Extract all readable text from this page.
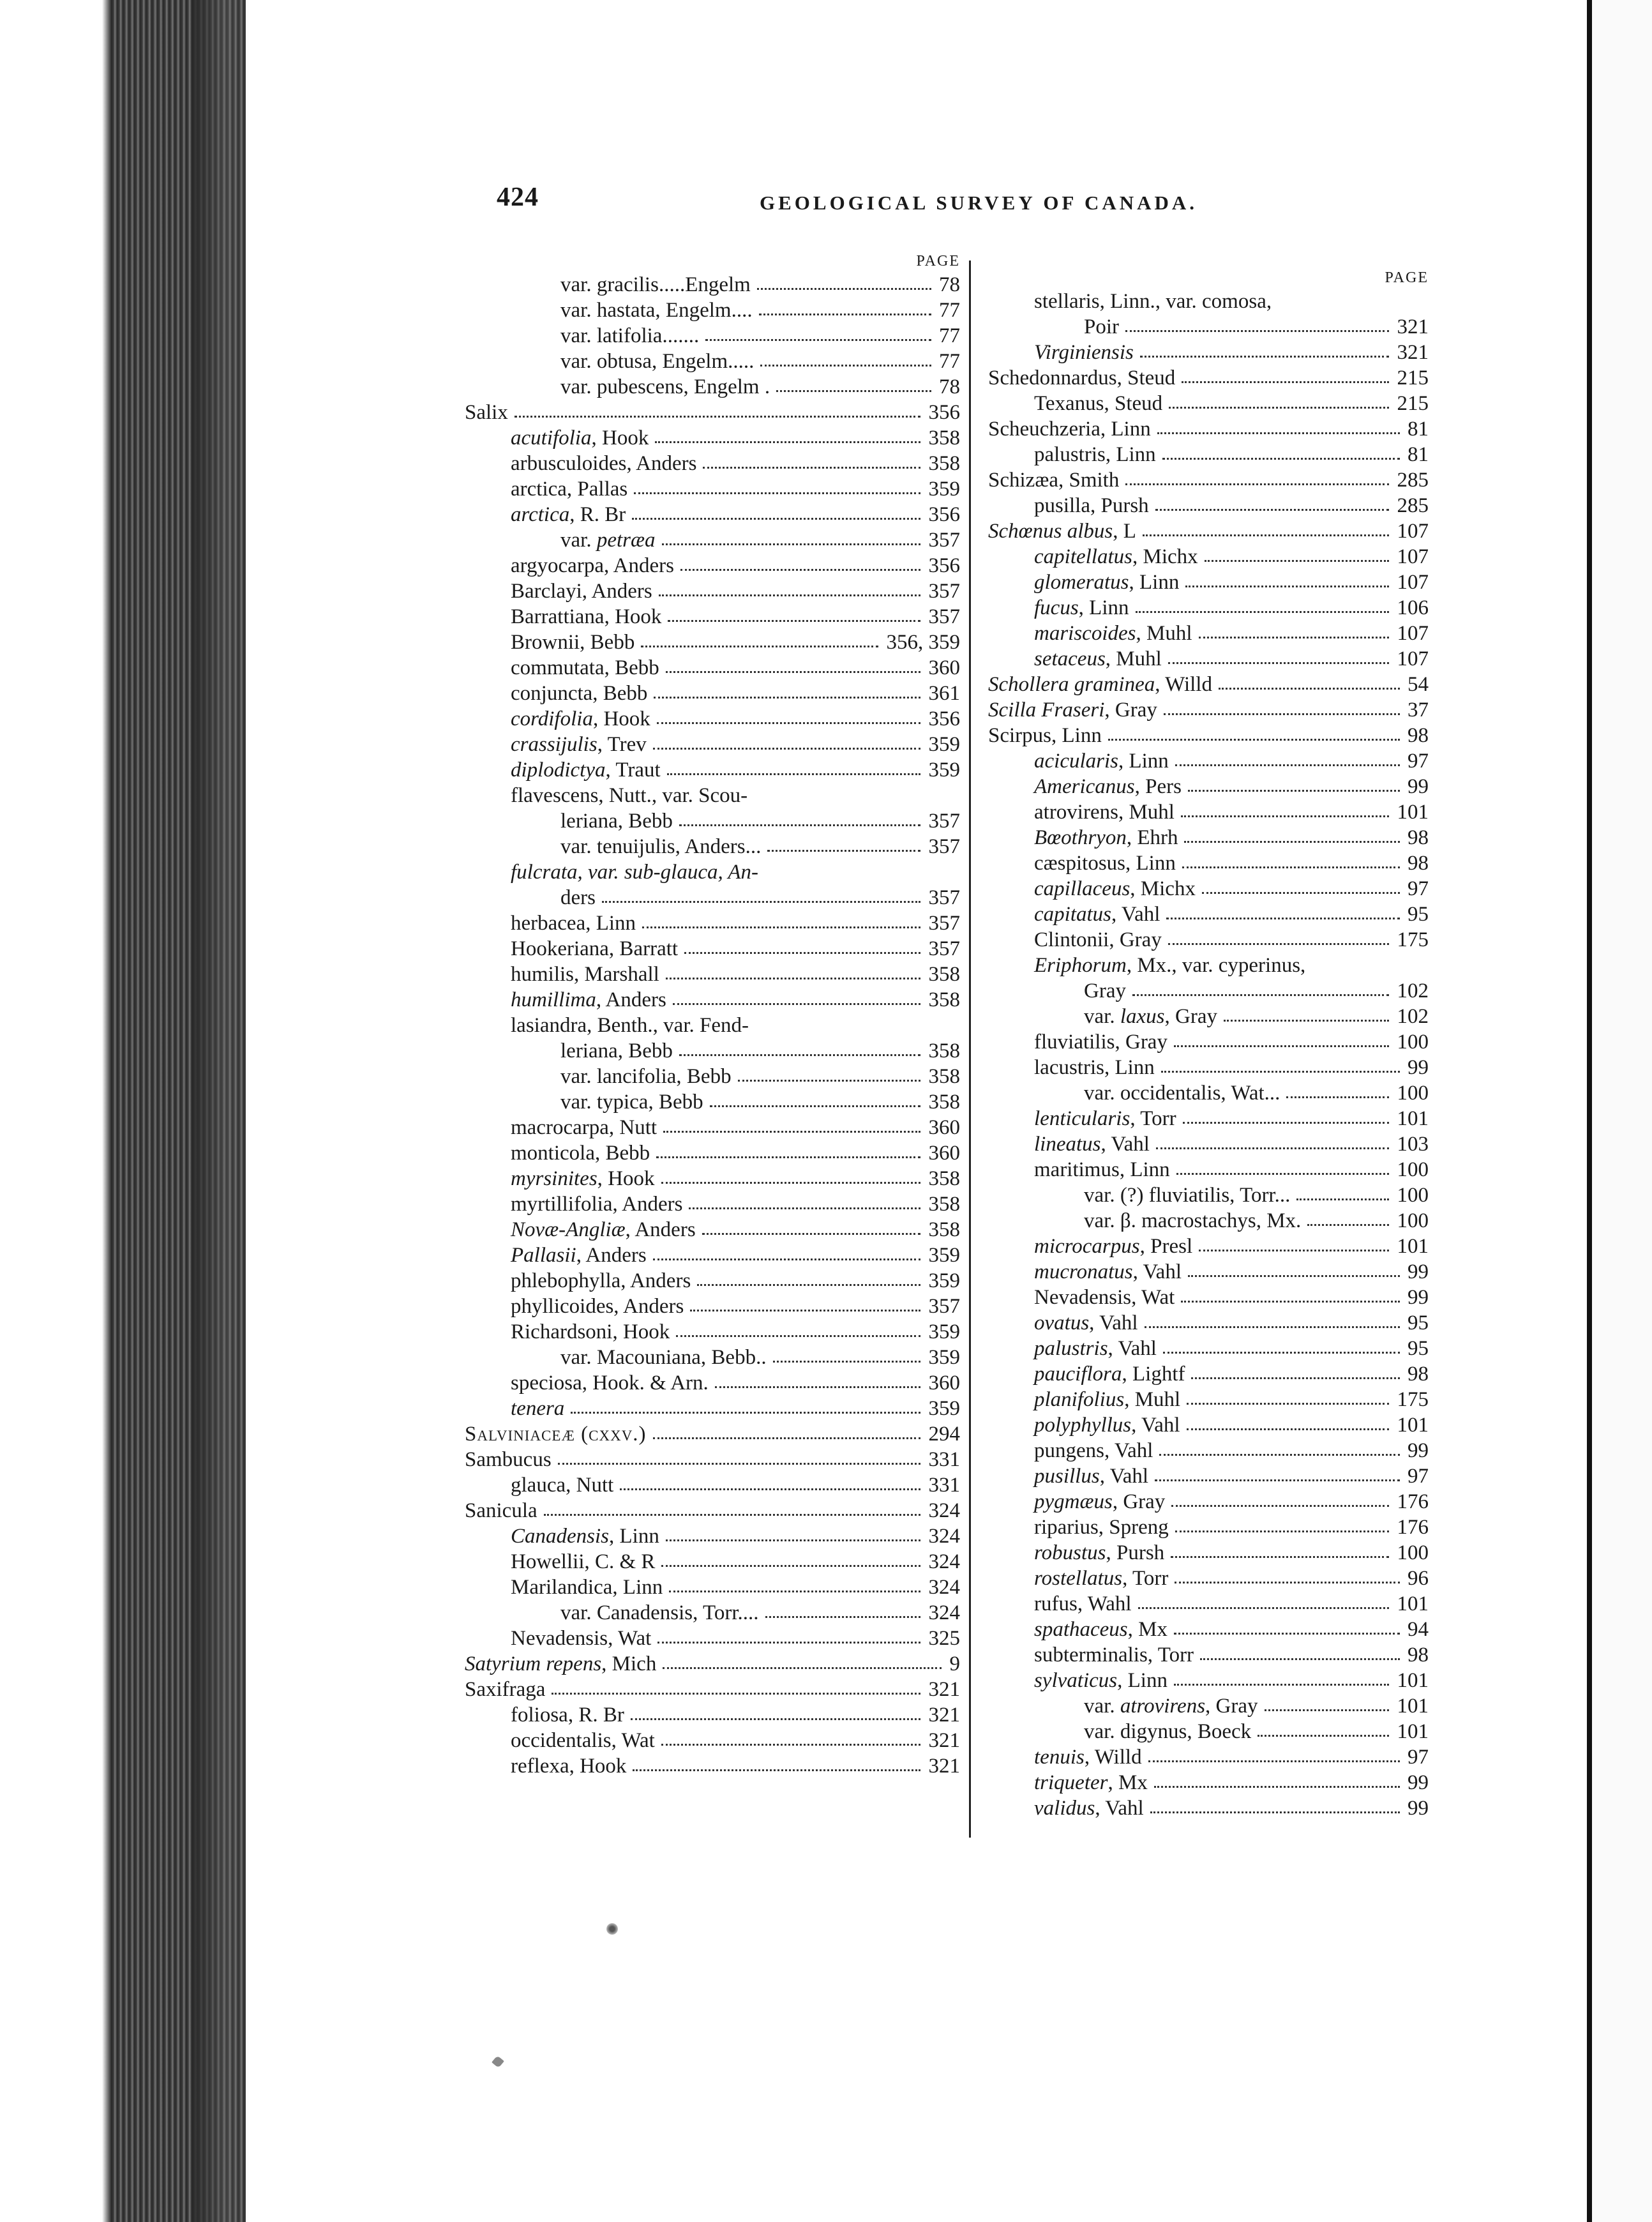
424	GEOLOGICAL SURVEY OF CANADA.
PAGE
var. gracilis.....Engelm	78
var. hastata, Engelm....	77
var. latifolia.......	77
var. obtusa, Engelm.....	77
var. pubescens, Engelm .	78
Salix	356
acutifolia, Hook	358
arbusculoides, Anders	358
arctica, Pallas	359
arctica, R. Br	356
var. petræa	357
argyocarpa, Anders	356
Barclayi, Anders	357
Barrattiana, Hook	357
Brownii, Bebb	356, 359
commutata, Bebb	360
conjuncta, Bebb	361
cordifolia, Hook	356
crassijulis, Trev	359
diplodictya, Traut	359
flavescens, Nutt., var. Scou-
leriana, Bebb	357
var. tenuijulis, Anders...	357
fulcrata, var. sub-glauca, An-
ders	357
herbacea, Linn	357
Hookeriana, Barratt	357
humilis, Marshall	358
humillima, Anders	358
lasiandra, Benth., var. Fend-
leriana, Bebb	358
var. lancifolia, Bebb	358
var. typica, Bebb	358
macrocarpa, Nutt	360
monticola, Bebb	360
myrsinites, Hook	358
myrtillifolia, Anders	358
Novæ-Angliæ, Anders	358
Pallasii, Anders	359
phlebophylla, Anders	359
phyllicoides, Anders	357
Richardsoni, Hook	359
var. Macouniana, Bebb..	359
speciosa, Hook. & Arn.	360
tenera	359
Salviniaceæ (cxxv.)	294
Sambucus	331
glauca, Nutt	331
Sanicula	324
Canadensis, Linn	324
Howellii, C. & R	324
Marilandica, Linn	324
var. Canadensis, Torr....	324
Nevadensis, Wat	325
Satyrium repens, Mich	9
Saxifraga	321
foliosa, R. Br	321
occidentalis, Wat	321
reflexa, Hook	321
PAGE
stellaris, Linn., var. comosa,
Poir	321
Virginiensis	321
Schedonnardus, Steud	215
Texanus, Steud	215
Scheuchzeria, Linn	81
palustris, Linn	81
Schizæa, Smith	285
pusilla, Pursh	285
Schœnus albus, L	107
capitellatus, Michx	107
glomeratus, Linn	107
fucus, Linn	106
mariscoides, Muhl	107
setaceus, Muhl	107
Schollera graminea, Willd	54
Scilla Fraseri, Gray	37
Scirpus, Linn	98
acicularis, Linn	97
Americanus, Pers	99
atrovirens, Muhl	101
Bœothryon, Ehrh	98
cæspitosus, Linn	98
capillaceus, Michx	97
capitatus, Vahl	95
Clintonii, Gray	175
Eriphorum, Mx., var. cyperinus,
Gray	102
var. laxus, Gray	102
fluviatilis, Gray	100
lacustris, Linn	99
var. occidentalis, Wat...	100
lenticularis, Torr	101
lineatus, Vahl	103
maritimus, Linn	100
var. (?) fluviatilis, Torr...	100
var. β. macrostachys, Mx.	100
microcarpus, Presl	101
mucronatus, Vahl	99
Nevadensis, Wat	99
ovatus, Vahl	95
palustris, Vahl	95
pauciflora, Lightf	98
planifolius, Muhl	175
polyphyllus, Vahl	101
pungens, Vahl	99
pusillus, Vahl	97
pygmæus, Gray	176
riparius, Spreng	176
robustus, Pursh	100
rostellatus, Torr	96
rufus, Wahl	101
spathaceus, Mx	94
subterminalis, Torr	98
sylvaticus, Linn	101
var. atrovirens, Gray	101
var. digynus, Boeck	101
tenuis, Willd	97
triqueter, Mx	99
validus, Vahl	99
